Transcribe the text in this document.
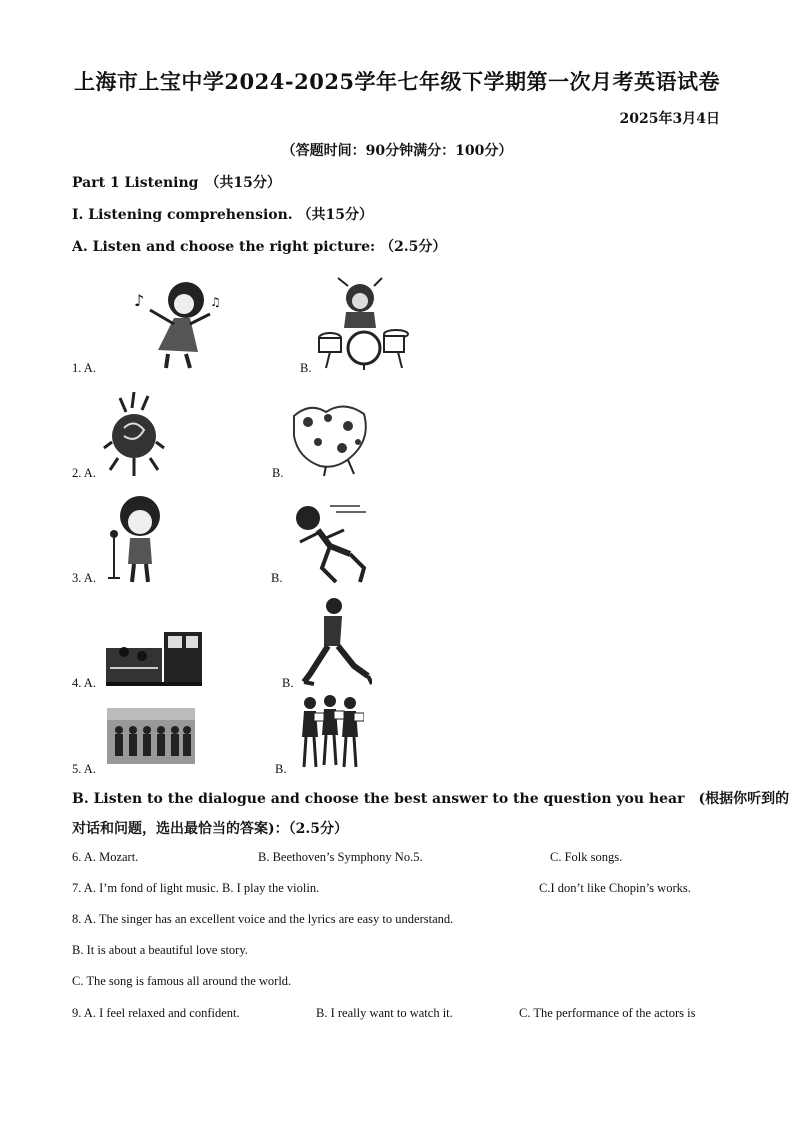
上海市上宝中学2024-2025学年七年级下学期第一次月考英语试卷
2025年3月4日
（答题时间：90分钟满分：100分）
Part 1 Listening　（共15分）
I. Listening comprehension. （共15分）
A. Listen and choose the right picture: （2.5分）
1. A.
♪	♫
B.
2. A.	B.
3. A.	B.
4. A.	B.
5. A.	B.
B. Listen to the dialogue and choose the best answer to the question you hear　(根据你听到的
对话和问题，选出最恰当的答案)：（2.5分）
6. A. Mozart.	B. Beethoven’s Symphony No.5.	C. Folk songs.
7. A. I’m fond of light music. B. I play the violin.	C.I don’t like Chopin’s works.
8. A. The singer has an excellent voice and the lyrics are easy to understand.
B. It is about a beautiful love story.
C. The song is famous all around the world.
9. A. I feel relaxed and confident.	B. I really want to watch it.	C. The performance of the actors is
